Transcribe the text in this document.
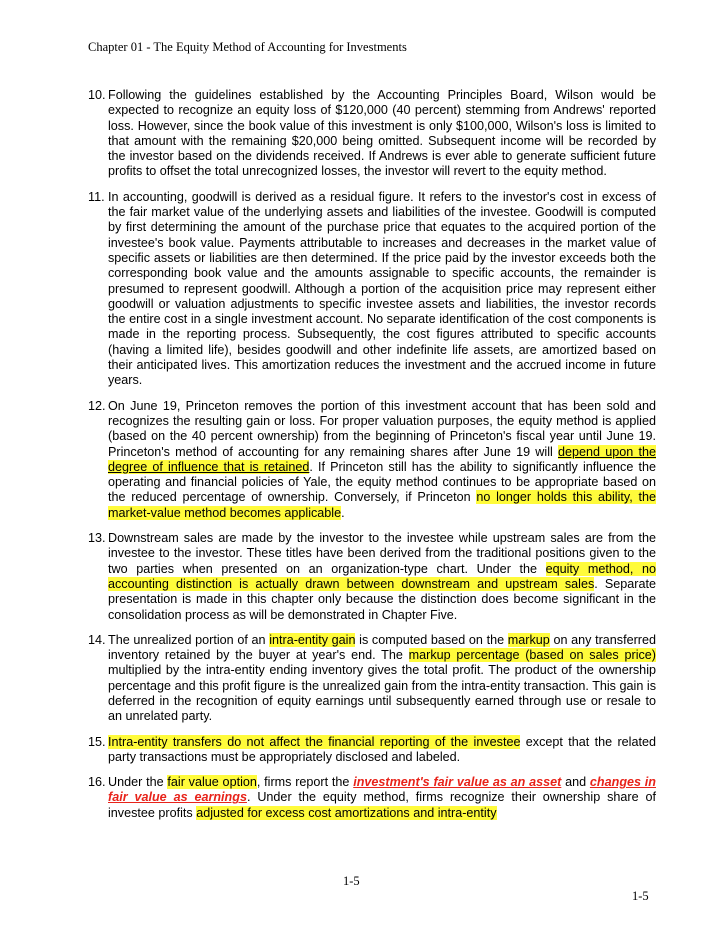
Chapter 01 - The Equity Method of Accounting for Investments
10. Following the guidelines established by the Accounting Principles Board, Wilson would be expected to recognize an equity loss of $120,000 (40 percent) stemming from Andrews' reported loss. However, since the book value of this investment is only $100,000, Wilson's loss is limited to that amount with the remaining $20,000 being omitted. Subsequent income will be recorded by the investor based on the dividends received. If Andrews is ever able to generate sufficient future profits to offset the total unrecognized losses, the investor will revert to the equity method.
11. In accounting, goodwill is derived as a residual figure. It refers to the investor's cost in excess of the fair market value of the underlying assets and liabilities of the investee. Goodwill is computed by first determining the amount of the purchase price that equates to the acquired portion of the investee's book value. Payments attributable to increases and decreases in the market value of specific assets or liabilities are then determined. If the price paid by the investor exceeds both the corresponding book value and the amounts assignable to specific accounts, the remainder is presumed to represent goodwill. Although a portion of the acquisition price may represent either goodwill or valuation adjustments to specific investee assets and liabilities, the investor records the entire cost in a single investment account. No separate identification of the cost components is made in the reporting process. Subsequently, the cost figures attributed to specific accounts (having a limited life), besides goodwill and other indefinite life assets, are amortized based on their anticipated lives. This amortization reduces the investment and the accrued income in future years.
12. On June 19, Princeton removes the portion of this investment account that has been sold and recognizes the resulting gain or loss. For proper valuation purposes, the equity method is applied (based on the 40 percent ownership) from the beginning of Princeton's fiscal year until June 19. Princeton's method of accounting for any remaining shares after June 19 will depend upon the degree of influence that is retained. If Princeton still has the ability to significantly influence the operating and financial policies of Yale, the equity method continues to be appropriate based on the reduced percentage of ownership. Conversely, if Princeton no longer holds this ability, the market-value method becomes applicable.
13. Downstream sales are made by the investor to the investee while upstream sales are from the investee to the investor. These titles have been derived from the traditional positions given to the two parties when presented on an organization-type chart. Under the equity method, no accounting distinction is actually drawn between downstream and upstream sales. Separate presentation is made in this chapter only because the distinction does become significant in the consolidation process as will be demonstrated in Chapter Five.
14. The unrealized portion of an intra-entity gain is computed based on the markup on any transferred inventory retained by the buyer at year's end. The markup percentage (based on sales price) multiplied by the intra-entity ending inventory gives the total profit. The product of the ownership percentage and this profit figure is the unrealized gain from the intra-entity transaction. This gain is deferred in the recognition of equity earnings until subsequently earned through use or resale to an unrelated party.
15. Intra-entity transfers do not affect the financial reporting of the investee except that the related party transactions must be appropriately disclosed and labeled.
16. Under the fair value option, firms report the investment's fair value as an asset and changes in fair value as earnings. Under the equity method, firms recognize their ownership share of investee profits adjusted for excess cost amortizations and intra-entity
1-5
1-5
